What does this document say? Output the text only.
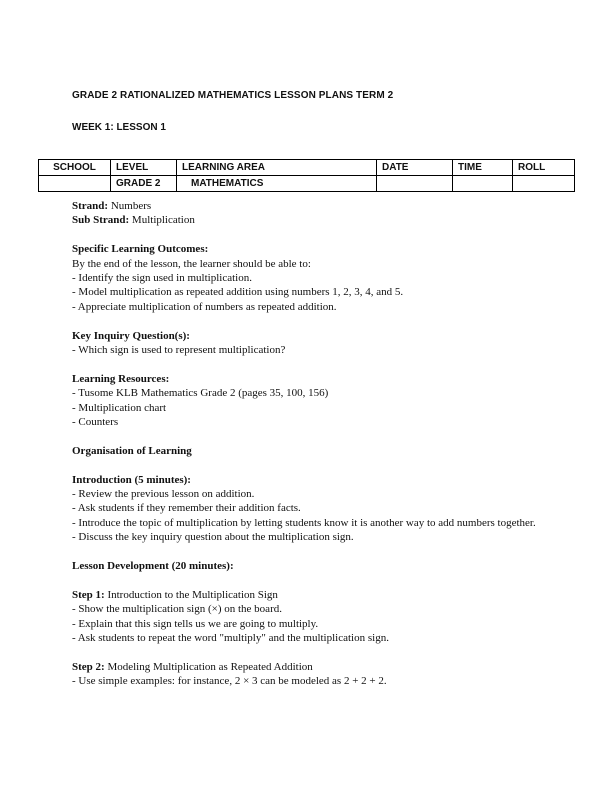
GRADE 2 RATIONALIZED MATHEMATICS LESSON PLANS TERM 2
WEEK 1: LESSON 1
SCHOOL	LEVEL	LEARNING AREA	DATE	TIME	ROLL
	GRADE 2	MATHEMATICS			

Strand: Numbers

Sub Strand: Multiplication

Specific Learning Outcomes:

By the end of the lesson, the learner should be able to:

- Identify the sign used in multiplication.

- Model multiplication as repeated addition using numbers 1, 2, 3, 4, and 5.

- Appreciate multiplication of numbers as repeated addition.

Key Inquiry Question(s):

- Which sign is used to represent multiplication?

Learning Resources:

- Tusome KLB Mathematics Grade 2 (pages 35, 100, 156)

- Multiplication chart

- Counters

Organisation of Learning

Introduction (5 minutes):

- Review the previous lesson on addition.

- Ask students if they remember their addition facts.

- Introduce the topic of multiplication by letting students know it is another way to add numbers together.

- Discuss the key inquiry question about the multiplication sign.

Lesson Development (20 minutes):

Step 1: Introduction to the Multiplication Sign

- Show the multiplication sign (×) on the board.

- Explain that this sign tells us we are going to multiply.

- Ask students to repeat the word "multiply" and the multiplication sign.

Step 2: Modeling Multiplication as Repeated Addition

- Use simple examples: for instance, 2 × 3 can be modeled as 2 + 2 + 2.
